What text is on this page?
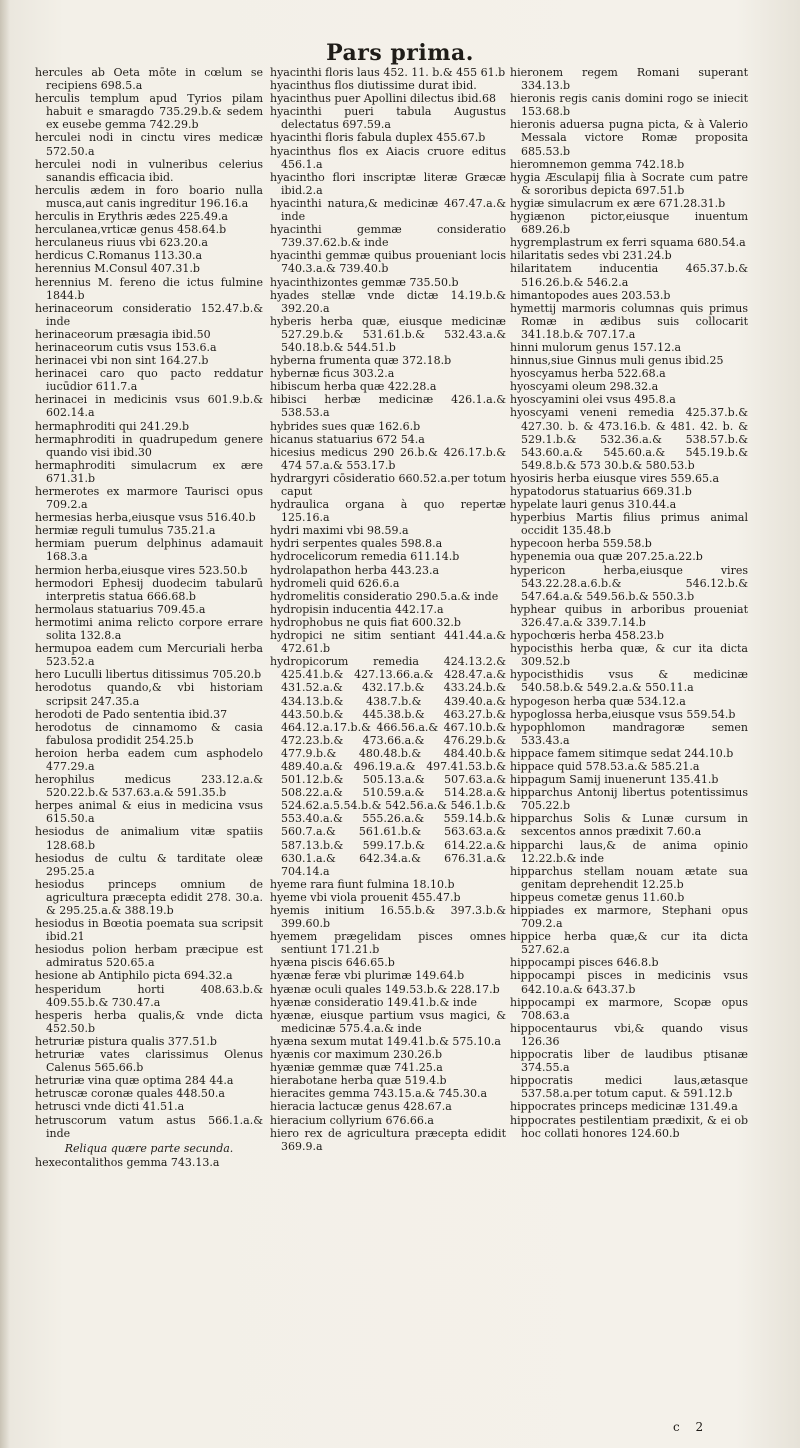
Pars prima.

hercules ab Oeta mōte in cœlum se recipiens 698.5.a

herculis templum apud Tyrios pilam habuit e smaragdo 735.29.b.& sedem ex eusebe gemma 742.29.b

herculei nodi in cinctu vires medicæ 572.50.a

herculei nodi in vulneribus celerius sanandis efficacia ibid.

herculis ædem in foro boario nulla musca,aut canis ingreditur 196.16.a

herculis in Erythris ædes 225.49.a

herculanea,vrticæ genus 458.64.b

herculaneus riuus vbi 623.20.a

herdicus C.Romanus 113.30.a

herennius M.Consul 407.31.b

herennius M. fereno die ictus fulmine 1844.b

herinaceorum consideratio 152.47.b.& inde

herinaceorum præsagia ibid.50

herinaceorum cutis vsus 153.6.a

herinacei vbi non sint 164.27.b

herinacei caro quo pacto reddatur iucūdior 611.7.a

herinacei in medicinis vsus 601.9.b.& 602.14.a

hermaphroditi qui 241.29.b

hermaphroditi in quadrupedum genere quando visi ibid.30

hermaphroditi simulacrum ex ære 671.31.b

hermerotes ex marmore Taurisci opus 709.2.a

hermesias herba,eiusque vsus 516.40.b

hermiæ reguli tumulus 735.21.a

hermiam puerum delphinus adamauit 168.3.a

hermion herba,eiusque vires 523.50.b

hermodori Ephesij duodecim tabularū interpretis statua 666.68.b

hermolaus statuarius 709.45.a

hermotimi anima relicto corpore errare solita 132.8.a

hermupoa eadem cum Mercuriali herba 523.52.a

hero Luculli libertus ditissimus 705.20.b

herodotus quando,& vbi historiam scripsit 247.35.a

herodoti de Pado sententia ibid.37

herodotus de cinnamomo & casia fabulosa prodidit 254.25.b

heroion herba eadem cum asphodelo 477.29.a

herophilus medicus 233.12.a.& 520.22.b.& 537.63.a.& 591.35.b

herpes animal & eius in medicina vsus 615.50.a

hesiodus de animalium vitæ spatiis 128.68.b

hesiodus de cultu & tarditate oleæ 295.25.a

hesiodus princeps omnium de agricultura præcepta edidit 278. 30.a. & 295.25.a.& 388.19.b

hesiodus in Bœotia poemata sua scripsit ibid.21

hesiodus polion herbam præcipue est admiratus 520.65.a

hesione ab Antiphilo picta 694.32.a

hesperidum horti 408.63.b.& 409.55.b.& 730.47.a

hesperis herba qualis,& vnde dicta 452.50.b

hetruriæ pistura qualis 377.51.b

hetruriæ vates clarissimus Olenus Calenus 565.66.b

hetruriæ vina quæ optima 284 44.a

hetruscæ coronæ quales 448.50.a

hetrusci vnde dicti 41.51.a

hetruscorum vatum astus 566.1.a.& inde

Reliqua quære parte secunda.

hexecontalithos gemma 743.13.a

hyacinthi floris laus 452. 11. b.& 455 61.b

hyacinthus flos diutissime durat ibid.

hyacinthus puer Apollini dilectus ibid.68

hyacinthi pueri tabula Augustus delectatus 697.59.a

hyacinthi floris fabula duplex 455.67.b

hyacinthus flos ex Aiacis cruore editus 456.1.a

hyacintho flori inscriptæ literæ Græcæ ibid.2.a

hyacinthi natura,& medicinæ 467.47.a.& inde

hyacinthi gemmæ consideratio 739.37.62.b.& inde

hyacinthi gemmæ quibus proueniant locis 740.3.a.& 739.40.b

hyacinthizontes gemmæ 735.50.b

hyades stellæ vnde dictæ 14.19.b.& 392.20.a

hyberis herba quæ, eiusque medicinæ 527.29.b.& 531.61.b.& 532.43.a.& 540.18.b.& 544.51.b

hyberna frumenta quæ 372.18.b

hybernæ ficus 303.2.a

hibiscum herba quæ 422.28.a

hibisci herbæ medicinæ 426.1.a.& 538.53.a

hybrides sues quæ 162.6.b

hicanus statuarius 672 54.a

hicesius medicus 290 26.b.& 426.17.b.& 474 57.a.& 553.17.b

hydrargyri cōsideratio 660.52.a.per totum caput

hydraulica organa à quo repertæ 125.16.a

hydri maximi vbi 98.59.a

hydri serpentes quales 598.8.a

hydrocelicorum remedia 611.14.b

hydrolapathon herba 443.23.a

hydromeli quid 626.6.a

hydromelitis consideratio 290.5.a.& inde

hydropisin inducentia 442.17.a

hydrophobus ne quis fiat 600.32.b

hydropici ne sitim sentiant 441.44.a.& 472.61.b

hydropicorum remedia 424.13.2.& 425.41.b.& 427.13.66.a.& 428.47.a.& 431.52.a.& 432.17.b.& 433.24.b.& 434.13.b.& 438.7.b.& 439.40.a.& 443.50.b.& 445.38.b.& 463.27.b.& 464.12.a.17.b.& 466.56.a.& 467.10.b.& 472.23.b.& 473.66.a.& 476.29.b.& 477.9.b.& 480.48.b.& 484.40.b.& 489.40.a.& 496.19.a.& 497.41.53.b.& 501.12.b.& 505.13.a.& 507.63.a.& 508.22.a.& 510.59.a.& 514.28.a.& 524.62.a.5.54.b.& 542.56.a.& 546.1.b.& 553.40.a.& 555.26.a.& 559.14.b.& 560.7.a.& 561.61.b.& 563.63.a.& 587.13.b.& 599.17.b.& 614.22.a.& 630.1.a.& 642.34.a.& 676.31.a.& 704.14.a

hyeme rara fiunt fulmina 18.10.b

hyeme vbi viola prouenit 455.47.b

hyemis initium 16.55.b.& 397.3.b.& 399.60.b

hyemem prægelidam pisces omnes sentiunt 171.21.b

hyæna piscis 646.65.b

hyænæ feræ vbi plurimæ 149.64.b

hyænæ oculi quales 149.53.b.& 228.17.b

hyænæ consideratio 149.41.b.& inde

hyænæ, eiusque partium vsus magici, & medicinæ 575.4.a.& inde

hyæna sexum mutat 149.41.b.& 575.10.a

hyænis cor maximum 230.26.b

hyæniæ gemmæ quæ 741.25.a

hierabotane herba quæ 519.4.b

hieracites gemma 743.15.a.& 745.30.a

hieracia lactucæ genus 428.67.a

hieracium collyrium 676.66.a

hiero rex de agricultura præcepta edidit 369.9.a

hieronem regem Romani superant 334.13.b

hieronis regis canis domini rogo se iniecit 153.68.b

hieronis aduersa pugna picta, & à Valerio Messala victore Romæ proposita 685.53.b

hieromnemon gemma 742.18.b

hygia Æsculapij filia à Socrate cum patre & sororibus depicta 697.51.b

hygiæ simulacrum ex ære 671.28.31.b

hygiænon pictor,eiusque inuentum 689.26.b

hygremplastrum ex ferri squama 680.54.a

hilaritatis sedes vbi 231.24.b

hilaritatem inducentia 465.37.b.& 516.26.b.& 546.2.a

himantopodes aues 203.53.b

hymettij marmoris columnas quis primus Romæ in ædibus suis collocarit 341.18.b.& 707.17.a

hinni mulorum genus 157.12.a

hinnus,siue Ginnus muli genus ibid.25

hyoscyamus herba 522.68.a

hyoscyami oleum 298.32.a

hyoscyamini olei vsus 495.8.a

hyoscyami veneni remedia 425.37.b.& 427.30. b. & 473.16.b. & 481. 42. b. & 529.1.b.& 532.36.a.& 538.57.b.& 543.60.a.& 545.60.a.& 545.19.b.& 549.8.b.& 573 30.b.& 580.53.b

hyosiris herba eiusque vires 559.65.a

hypatodorus statuarius 669.31.b

hypelate lauri genus 310.44.a

hyperbius Martis filius primus animal occidit 135.48.b

hypecoon herba 559.58.b

hypenemia oua quæ 207.25.a.22.b

hypericon herba,eiusque vires 543.22.28.a.6.b.& 546.12.b.& 547.64.a.& 549.56.b.& 550.3.b

hyphear quibus in arboribus proueniat 326.47.a.& 339.7.14.b

hypochœris herba 458.23.b

hypocisthis herba quæ, & cur ita dicta 309.52.b

hypocisthidis vsus & medicinæ 540.58.b.& 549.2.a.& 550.11.a

hypogeson herba quæ 534.12.a

hypoglossa herba,eiusque vsus 559.54.b

hypophlomon mandragoræ semen 533.43.a

hippace famem sitimque sedat 244.10.b

hippace quid 578.53.a.& 585.21.a

hippagum Samij inuenerunt 135.41.b

hipparchus Antonij libertus potentissimus 705.22.b

hipparchus Solis & Lunæ cursum in sexcentos annos prædixit 7.60.a

hipparchi laus,& de anima opinio 12.22.b.& inde

hipparchus stellam nouam ætate sua genitam deprehendit 12.25.b

hippeus cometæ genus 11.60.b

hippiades ex marmore, Stephani opus 709.2.a

hippice herba quæ,& cur ita dicta 527.62.a

hippocampi pisces 646.8.b

hippocampi pisces in medicinis vsus 642.10.a.& 643.37.b

hippocampi ex marmore, Scopæ opus 708.63.a

hippocentaurus vbi,& quando visus 126.36

hippocratis liber de laudibus ptisanæ 374.55.a

hippocratis medici laus,ætasque 537.58.a.per totum caput. & 591.12.b

hippocrates princeps medicinæ 131.49.a

hippocrates pestilentiam prædixit, & ei ob hoc collati honores 124.60.b

c 2
